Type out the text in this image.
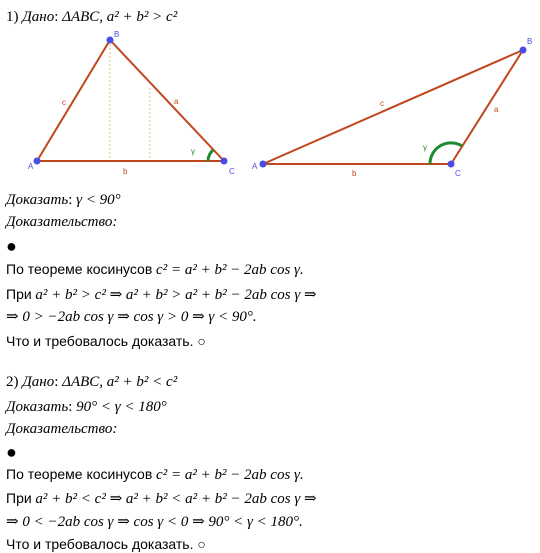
1) Дано: ΔABC, a² + b² > c²
A
B
C
c	a
b
γ
A
B
C
c
a
b
γ
Доказать: γ < 90°
Доказательство:
●
По теореме косинусов c² = a² + b² − 2ab cos γ.
При a² + b² > c² ⇒ a² + b² > a² + b² − 2ab cos γ ⇒
⇒ 0 > −2ab cos γ ⇒ cos γ > 0 ⇒ γ < 90°.
Что и требовалось доказать. ○
2) Дано: ΔABC, a² + b² < c²
Доказать: 90° < γ < 180°
Доказательство:
●
По теореме косинусов c² = a² + b² − 2ab cos γ.
При a² + b² < c² ⇒ a² + b² < a² + b² − 2ab cos γ ⇒
⇒ 0 < −2ab cos γ ⇒ cos γ < 0 ⇒ 90° < γ < 180°.
Что и требовалось доказать. ○
